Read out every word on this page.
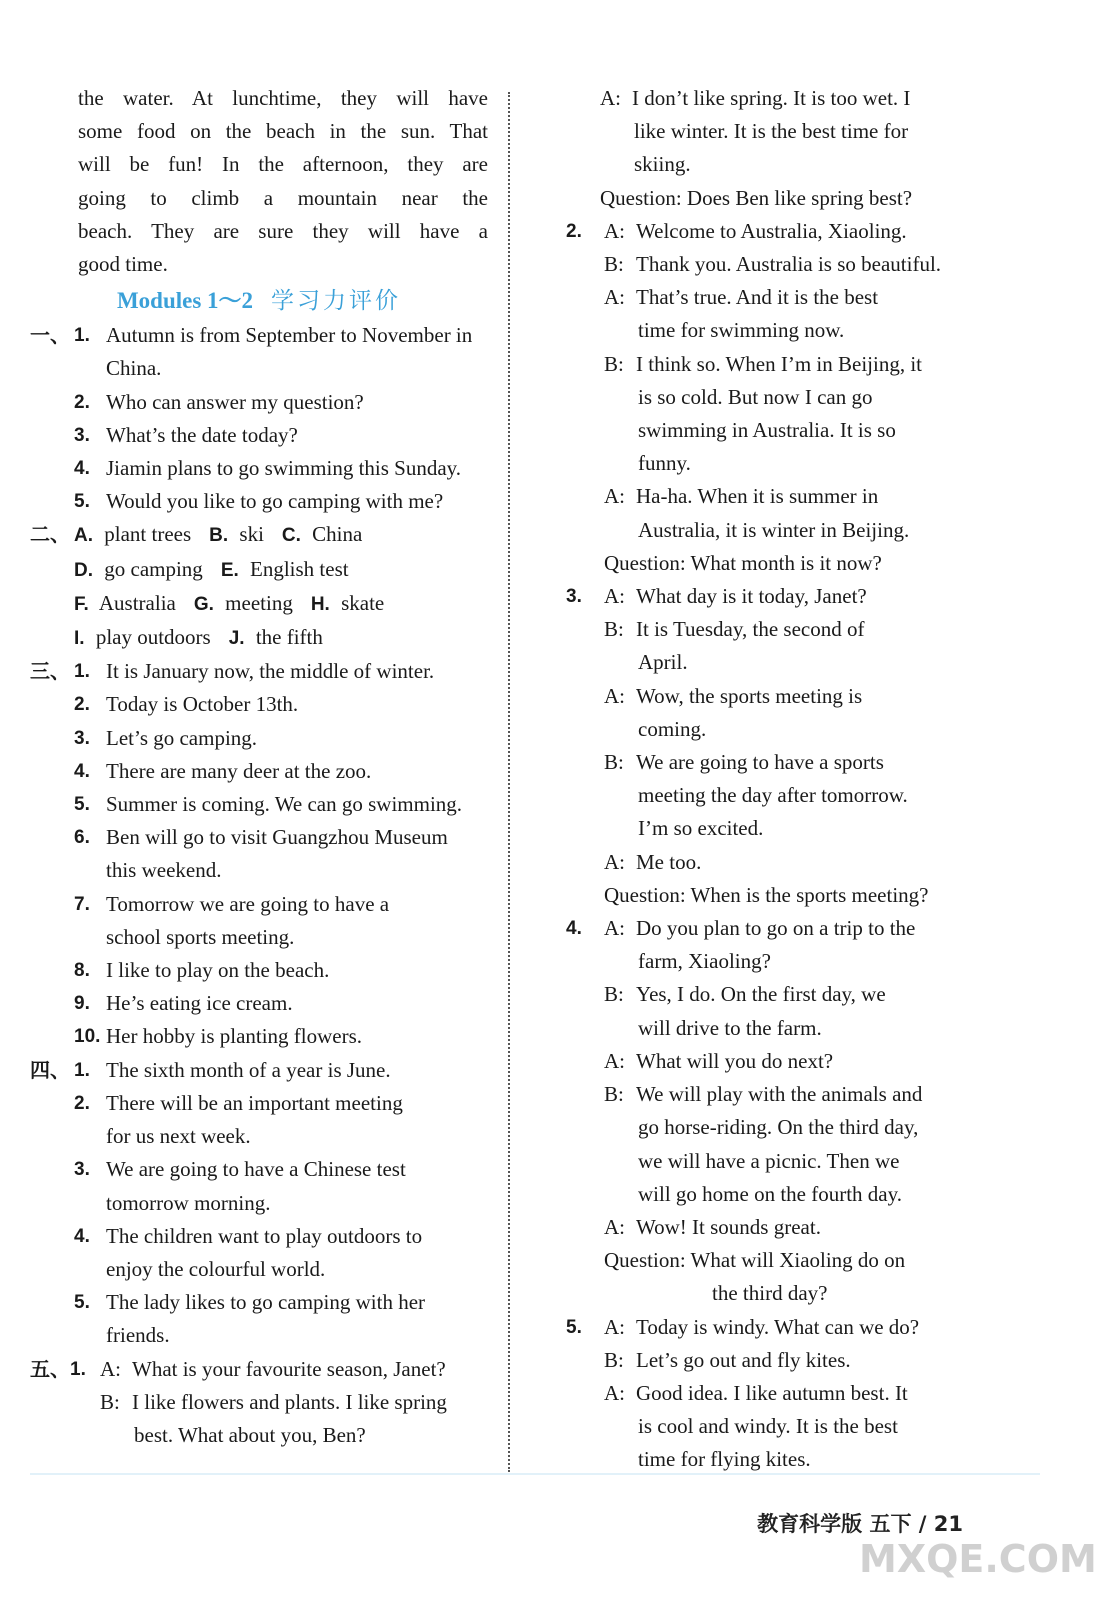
the water. At lunchtime, they will have
some food on the beach in the sun. That
will be fun! In the afternoon, they are
going to climb a mountain near the
beach. They are sure they will have a
good time.
Modules 1～2 学习力评价
一、 1. Autumn is from September to November in
China.
2. Who can answer my question?
3. What’s the date today?
4. Jiamin plans to go swimming this Sunday.
5. Would you like to go camping with me?
二、 A. plant trees B. ski C. China
D. go camping E. English test
F. Australia G. meeting H. skate
I. play outdoors J. the fifth
三、 1. It is January now, the middle of winter.
2. Today is October 13th.
3. Let’s go camping.
4. There are many deer at the zoo.
5. Summer is coming. We can go swimming.
6. Ben will go to visit Guangzhou Museum
this weekend.
7. Tomorrow we are going to have a
school sports meeting.
8. I like to play on the beach.
9. He’s eating ice cream.
10. Her hobby is planting flowers.
四、 1. The sixth month of a year is June.
2. There will be an important meeting
for us next week.
3. We are going to have a Chinese test
tomorrow morning.
4. The children want to play outdoors to
enjoy the colourful world.
5. The lady likes to go camping with her
friends.
A: What is your favourite season, Janet?
五、 1.
B: I like flowers and plants. I like spring
best. What about you, Ben?
A: I don’t like spring. It is too wet. I
like winter. It is the best time for
skiing.
Question: Does Ben like spring best?
A: Welcome to Australia, Xiaoling.
2.
B: Thank you. Australia is so beautiful.
A: That’s true. And it is the best
time for swimming now.
B: I think so. When I’m in Beijing, it
is so cold. But now I can go
swimming in Australia. It is so
funny.
A: Ha-ha. When it is summer in
Australia, it is winter in Beijing.
Question: What month is it now?
A: What day is it today, Janet?
3.
B: It is Tuesday, the second of
April.
A: Wow, the sports meeting is
coming.
B: We are going to have a sports
meeting the day after tomorrow.
I’m so excited.
A: Me too.
Question: When is the sports meeting?
A: Do you plan to go on a trip to the
4.
farm, Xiaoling?
B: Yes, I do. On the first day, we
will drive to the farm.
A: What will you do next?
B: We will play with the animals and
go horse-riding. On the third day,
we will have a picnic. Then we
will go home on the fourth day.
A: Wow! It sounds great.
Question: What will Xiaoling do on
the third day?
A: Today is windy. What can we do?
5.
B: Let’s go out and fly kites.
A: Good idea. I like autumn best. It
is cool and windy. It is the best
time for flying kites.
教育科学版 五下 / 21
MXQE.COM
